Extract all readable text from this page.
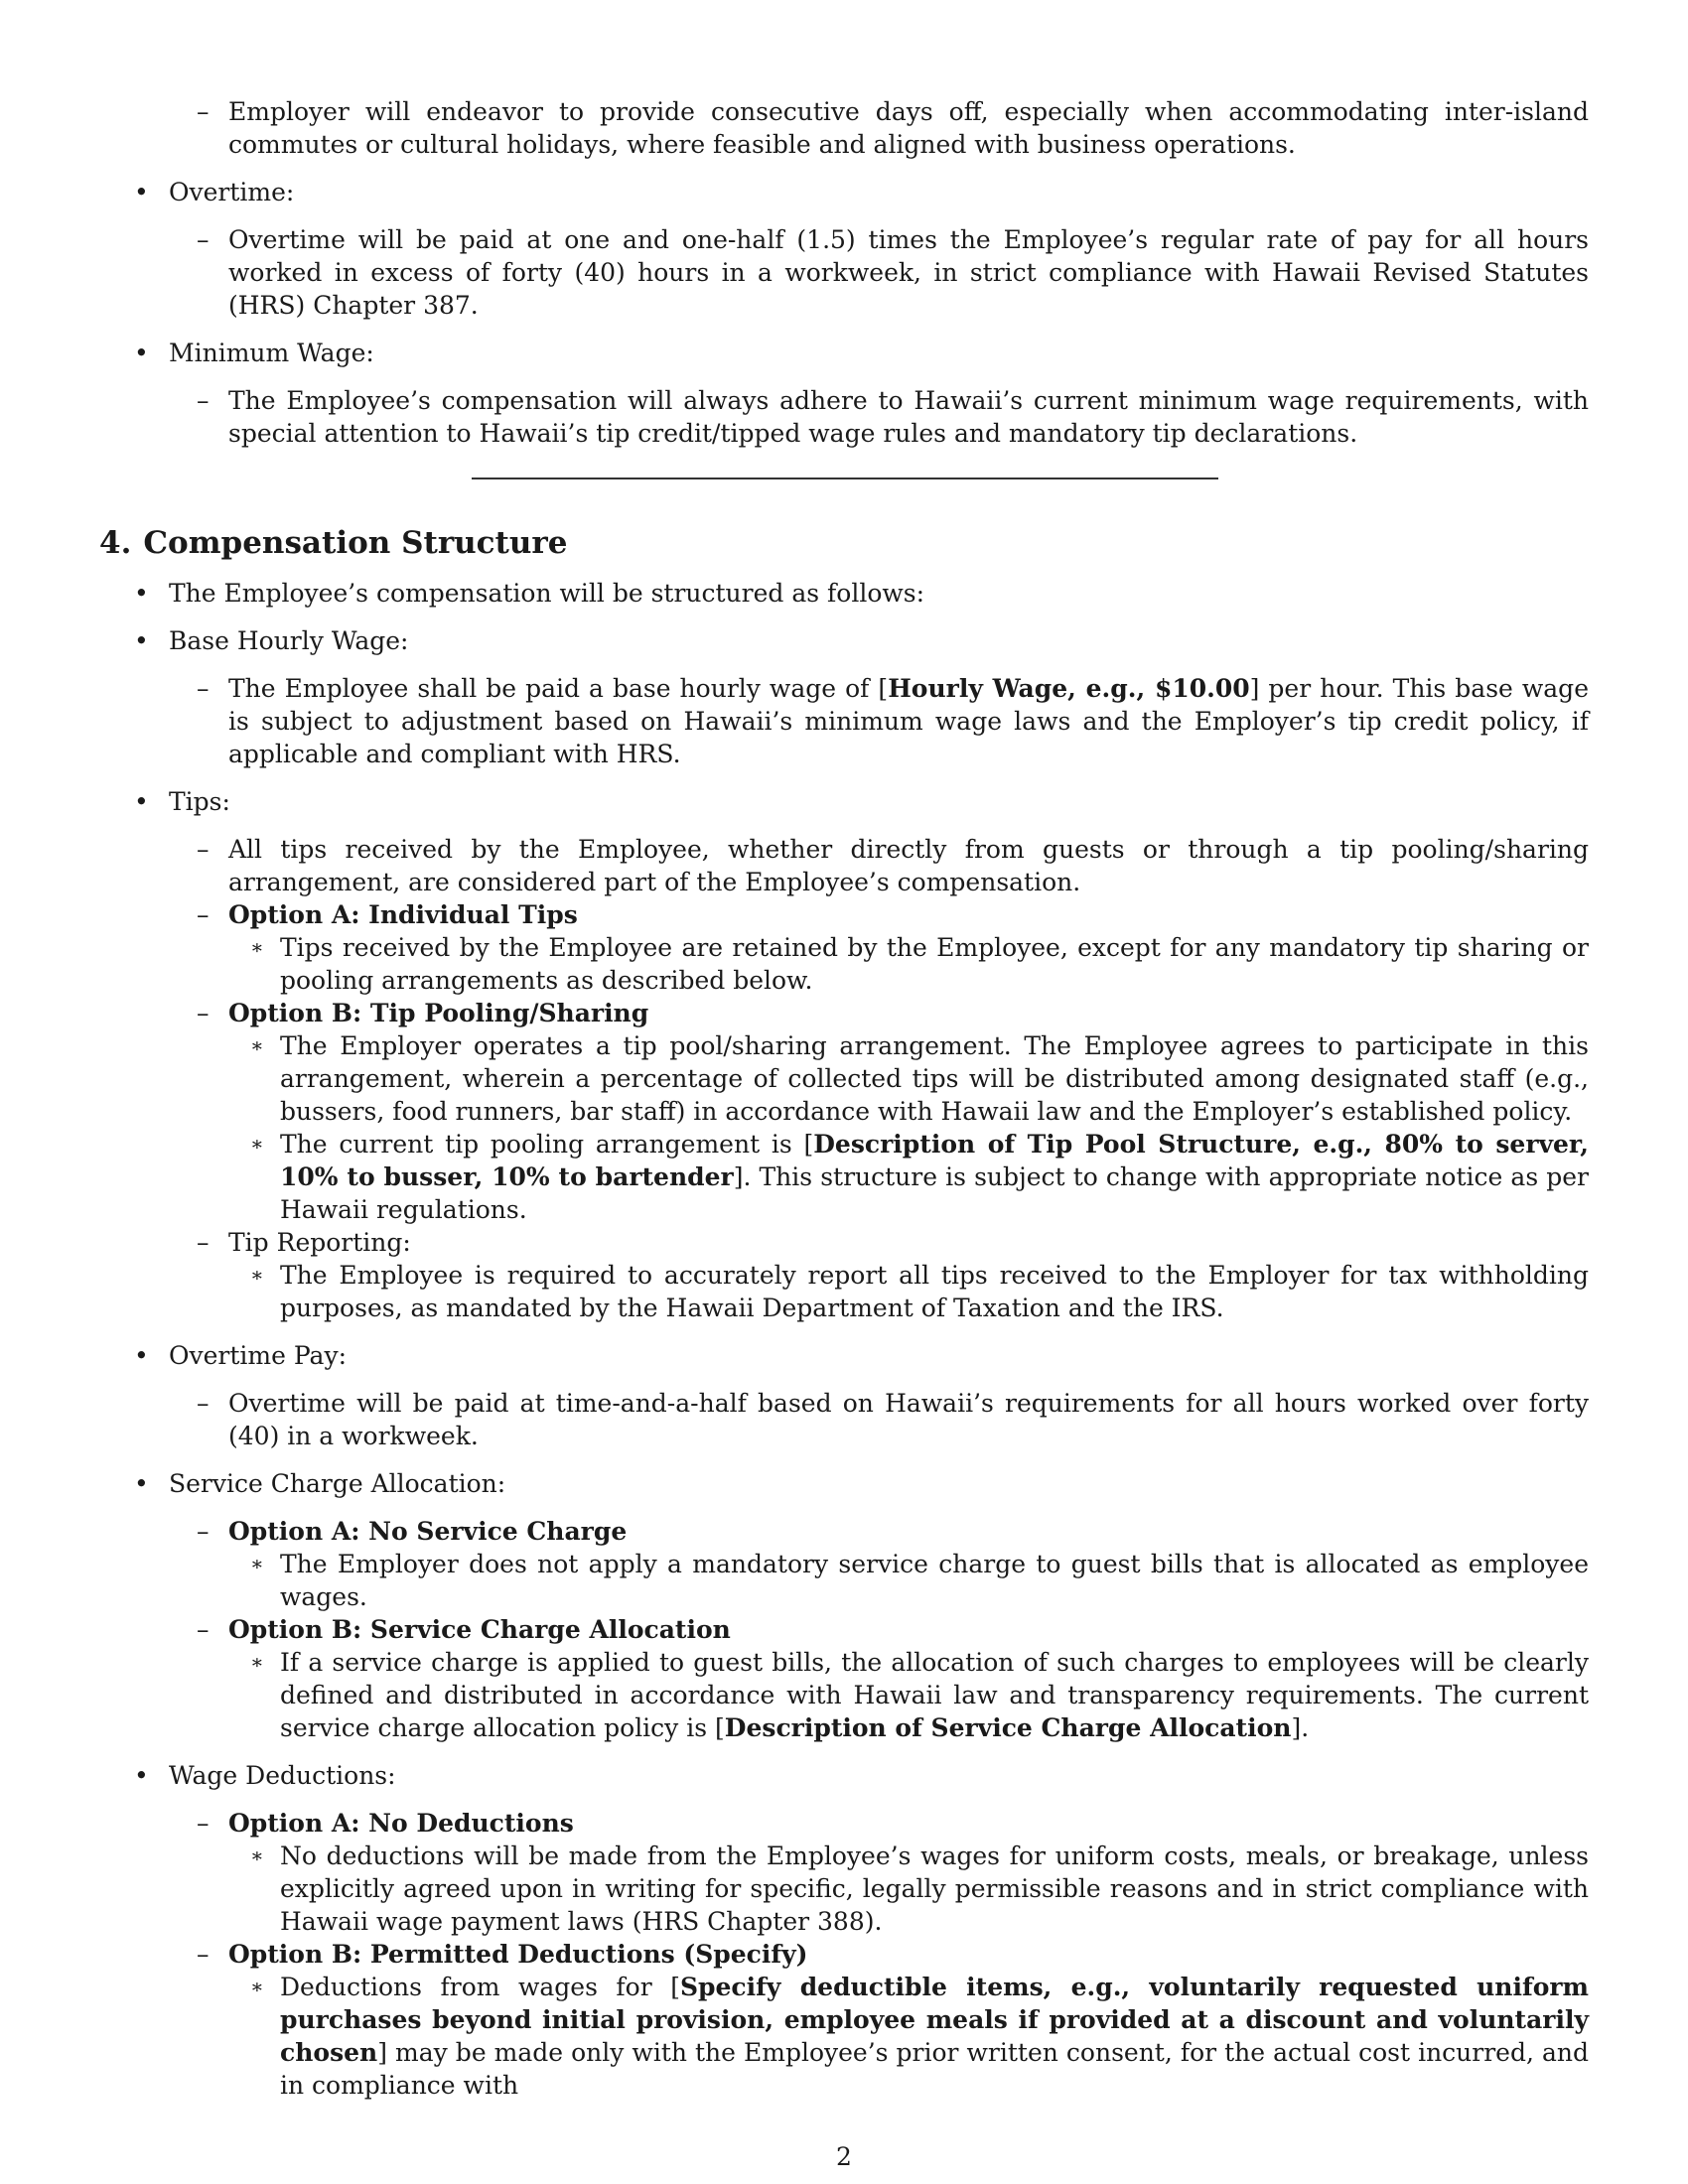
– Employer will endeavor to provide consecutive days off, especially when accommodating inter-island commutes or cultural holidays, where feasible and aligned with business operations.

• Overtime:

– Overtime will be paid at one and one-half (1.5) times the Employee’s regular rate of pay for all hours worked in excess of forty (40) hours in a workweek, in strict compliance with Hawaii Revised Statutes (HRS) Chapter 387.

• Minimum Wage:

– The Employee’s compensation will always adhere to Hawaii’s current minimum wage requirements, with special attention to Hawaii’s tip credit/tipped wage rules and mandatory tip declarations.

4. Compensation Structure
• The Employee’s compensation will be structured as follows:

• Base Hourly Wage:

– The Employee shall be paid a base hourly wage of [Hourly Wage, e.g., $10.00] per hour. This base wage is subject to adjustment based on Hawaii’s minimum wage laws and the Employer’s tip credit policy, if applicable and compliant with HRS.

• Tips:

– All tips received by the Employee, whether directly from guests or through a tip pooling/sharing arrangement, are considered part of the Employee’s compensation.

– Option A: Individual Tips

∗ Tips received by the Employee are retained by the Employee, except for any mandatory tip sharing or pooling arrangements as described below.

– Option B: Tip Pooling/Sharing

∗ The Employer operates a tip pool/sharing arrangement. The Employee agrees to participate in this arrangement, wherein a percentage of collected tips will be distributed among designated staff (e.g., bussers, food runners, bar staff) in accordance with Hawaii law and the Employer’s established policy.

∗ The current tip pooling arrangement is [Description of Tip Pool Structure, e.g., 80% to server, 10% to busser, 10% to bartender]. This structure is subject to change with appropriate notice as per Hawaii regulations.

– Tip Reporting:

∗ The Employee is required to accurately report all tips received to the Employer for tax withholding purposes, as mandated by the Hawaii Department of Taxation and the IRS.

• Overtime Pay:

– Overtime will be paid at time-and-a-half based on Hawaii’s requirements for all hours worked over forty (40) in a workweek.

• Service Charge Allocation:

– Option A: No Service Charge

∗ The Employer does not apply a mandatory service charge to guest bills that is allocated as employee wages.

– Option B: Service Charge Allocation

∗ If a service charge is applied to guest bills, the allocation of such charges to employees will be clearly defined and distributed in accordance with Hawaii law and transparency requirements. The current service charge allocation policy is [Description of Service Charge Allocation].

• Wage Deductions:

– Option A: No Deductions

∗ No deductions will be made from the Employee’s wages for uniform costs, meals, or breakage, unless explicitly agreed upon in writing for specific, legally permissible reasons and in strict compliance with Hawaii wage payment laws (HRS Chapter 388).

– Option B: Permitted Deductions (Specify)

∗ Deductions from wages for [Specify deductible items, e.g., voluntarily requested uniform purchases beyond initial provision, employee meals if provided at a discount and voluntarily chosen] may be made only with the Employee’s prior written consent, for the actual cost incurred, and in compliance with

2
